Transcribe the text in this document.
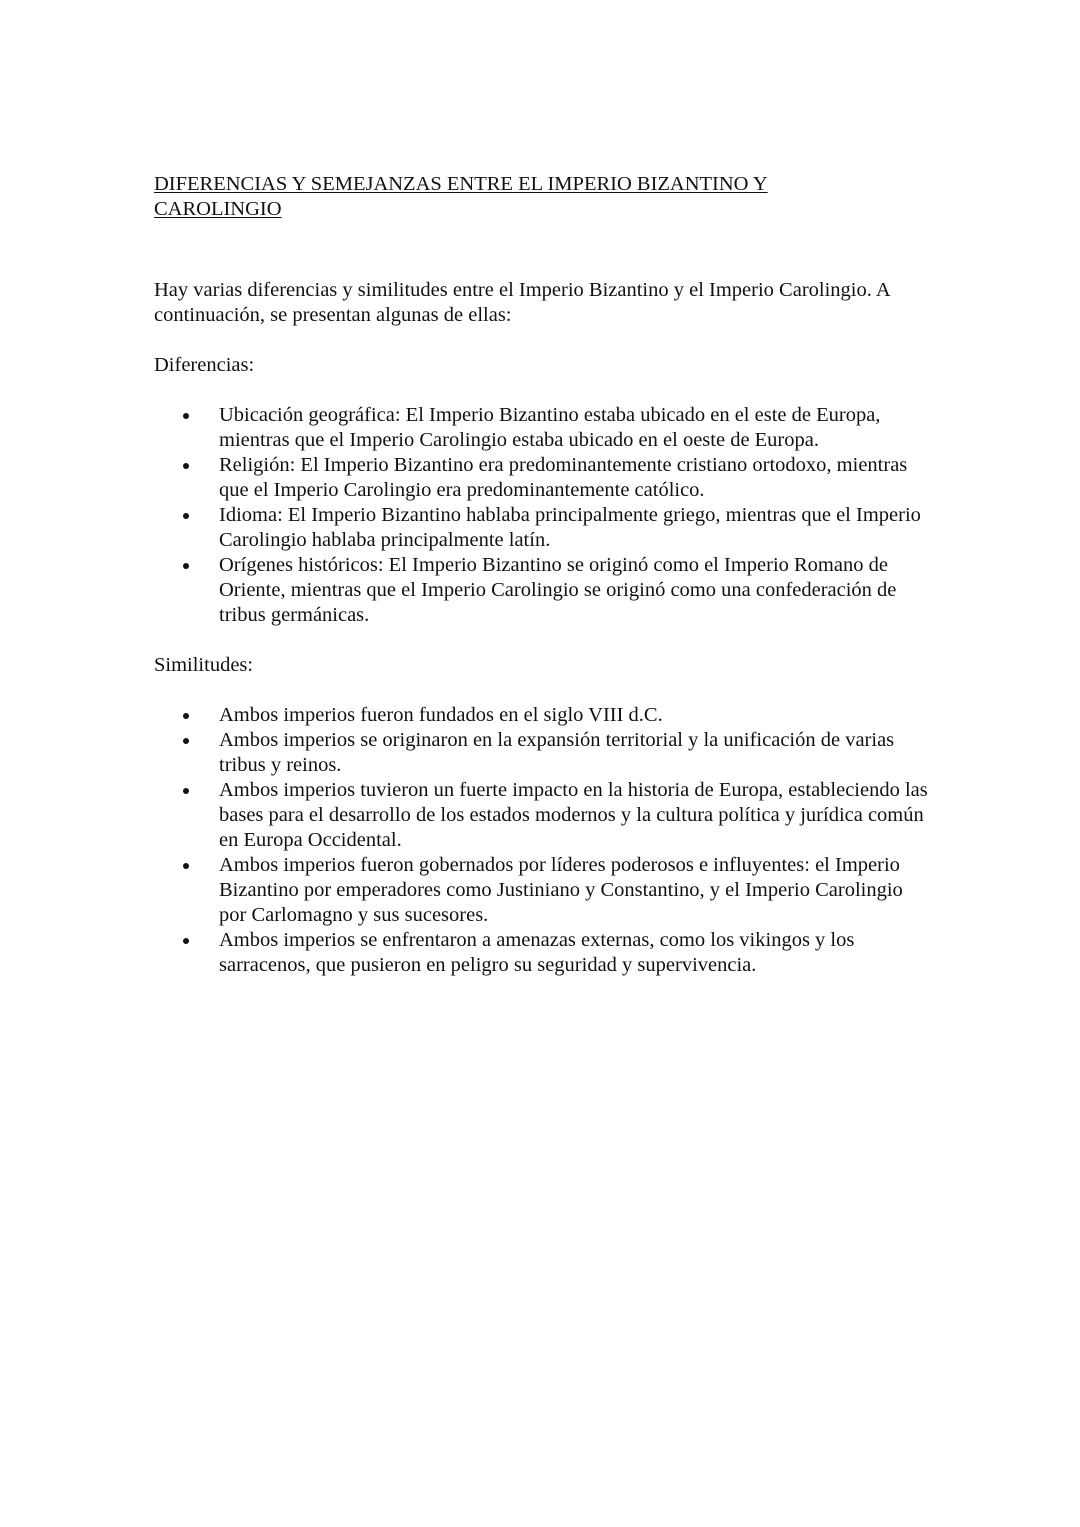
DIFERENCIAS Y SEMEJANZAS ENTRE EL IMPERIO BIZANTINO Y CAROLINGIO

Hay varias diferencias y similitudes entre el Imperio Bizantino y el Imperio Carolingio. A continuación, se presentan algunas de ellas:

Diferencias:

Ubicación geográfica: El Imperio Bizantino estaba ubicado en el este de Europa, mientras que el Imperio Carolingio estaba ubicado en el oeste de Europa.
Religión: El Imperio Bizantino era predominantemente cristiano ortodoxo, mientras que el Imperio Carolingio era predominantemente católico.
Idioma: El Imperio Bizantino hablaba principalmente griego, mientras que el Imperio Carolingio hablaba principalmente latín.
Orígenes históricos: El Imperio Bizantino se originó como el Imperio Romano de Oriente, mientras que el Imperio Carolingio se originó como una confederación de tribus germánicas.

Similitudes:

Ambos imperios fueron fundados en el siglo VIII d.C.
Ambos imperios se originaron en la expansión territorial y la unificación de varias tribus y reinos.
Ambos imperios tuvieron un fuerte impacto en la historia de Europa, estableciendo las bases para el desarrollo de los estados modernos y la cultura política y jurídica común en Europa Occidental.
Ambos imperios fueron gobernados por líderes poderosos e influyentes: el Imperio Bizantino por emperadores como Justiniano y Constantino, y el Imperio Carolingio por Carlomagno y sus sucesores.
Ambos imperios se enfrentaron a amenazas externas, como los vikingos y los sarracenos, que pusieron en peligro su seguridad y supervivencia.
